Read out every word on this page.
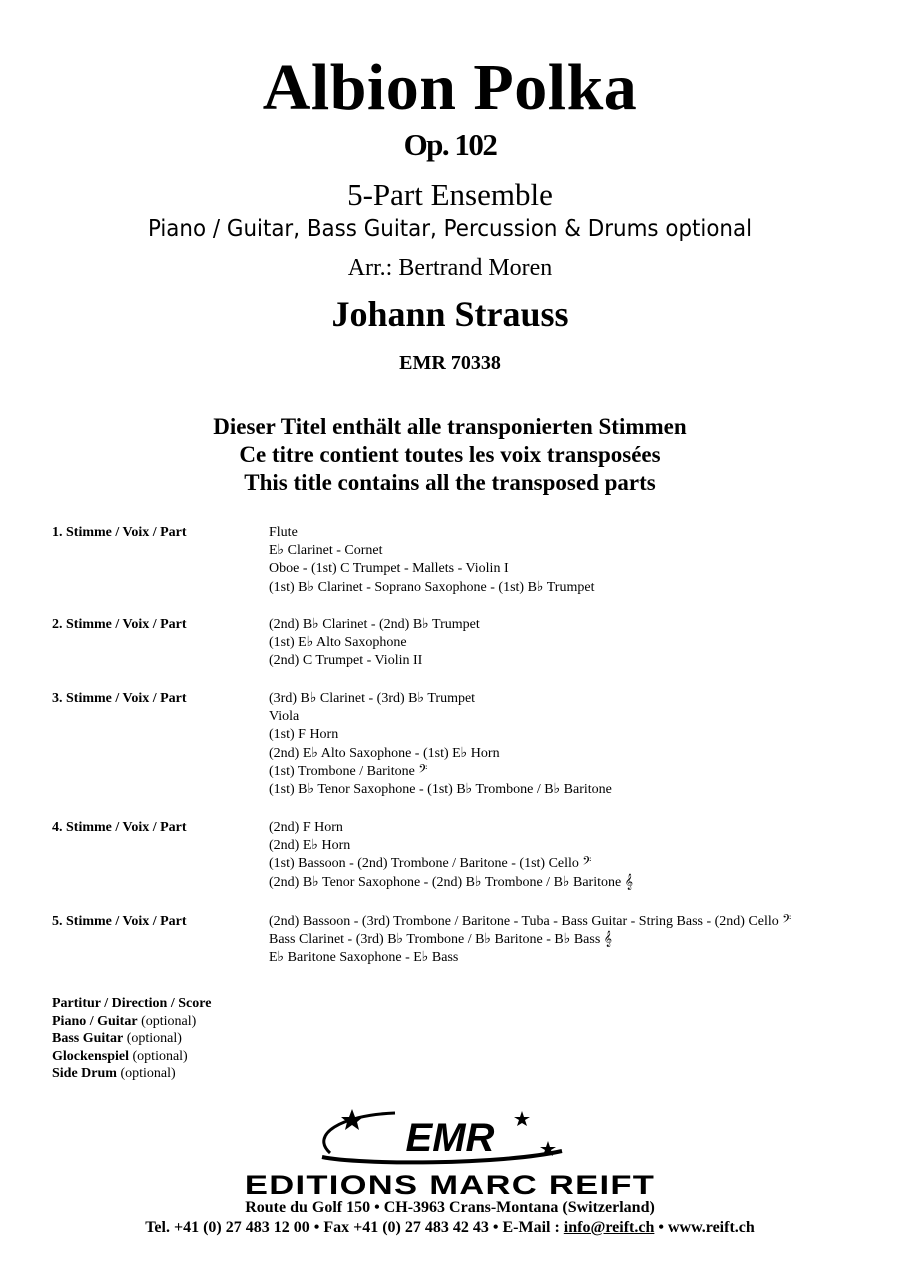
Albion Polka
Op. 102
5-Part Ensemble
Piano / Guitar, Bass Guitar, Percussion & Drums optional
Arr.: Bertrand Moren
Johann Strauss
EMR 70338
Dieser Titel enthält alle transponierten Stimmen
Ce titre contient toutes les voix transposées
This title contains all the transposed parts
1. Stimme / Voix / Part	Flute
E♭ Clarinet - Cornet
Oboe - (1st) C Trumpet - Mallets - Violin I
(1st) B♭ Clarinet - Soprano Saxophone - (1st) B♭ Trumpet
2. Stimme / Voix / Part	(2nd) B♭ Clarinet - (2nd) B♭ Trumpet
(1st) E♭ Alto Saxophone
(2nd) C Trumpet - Violin II
3. Stimme / Voix / Part	(3rd) B♭ Clarinet - (3rd) B♭ Trumpet
Viola
(1st) F Horn
(2nd) E♭ Alto Saxophone - (1st) E♭ Horn
(1st) Trombone / Baritone 𝄢
(1st) B♭ Tenor Saxophone - (1st) B♭ Trombone / B♭ Baritone
4. Stimme / Voix / Part	(2nd) F Horn
(2nd) E♭ Horn
(1st) Bassoon - (2nd) Trombone / Baritone - (1st) Cello 𝄢
(2nd) B♭ Tenor Saxophone - (2nd) B♭ Trombone / B♭ Baritone 𝄞
5. Stimme / Voix / Part	(2nd) Bassoon - (3rd) Trombone / Baritone - Tuba - Bass Guitar - String Bass - (2nd) Cello 𝄢
Bass Clarinet - (3rd) B♭ Trombone / B♭ Baritone - B♭ Bass 𝄞
E♭ Baritone Saxophone - E♭ Bass
Partitur / Direction / Score
Piano / Guitar (optional)
Bass Guitar (optional)
Glockenspiel (optional)
Side Drum (optional)
EMR
EDITIONS MARC REIFT
Route du Golf 150 • CH-3963 Crans-Montana (Switzerland)
Tel. +41 (0) 27 483 12 00 • Fax +41 (0) 27 483 42 43 • E-Mail : info@reift.ch • www.reift.ch
